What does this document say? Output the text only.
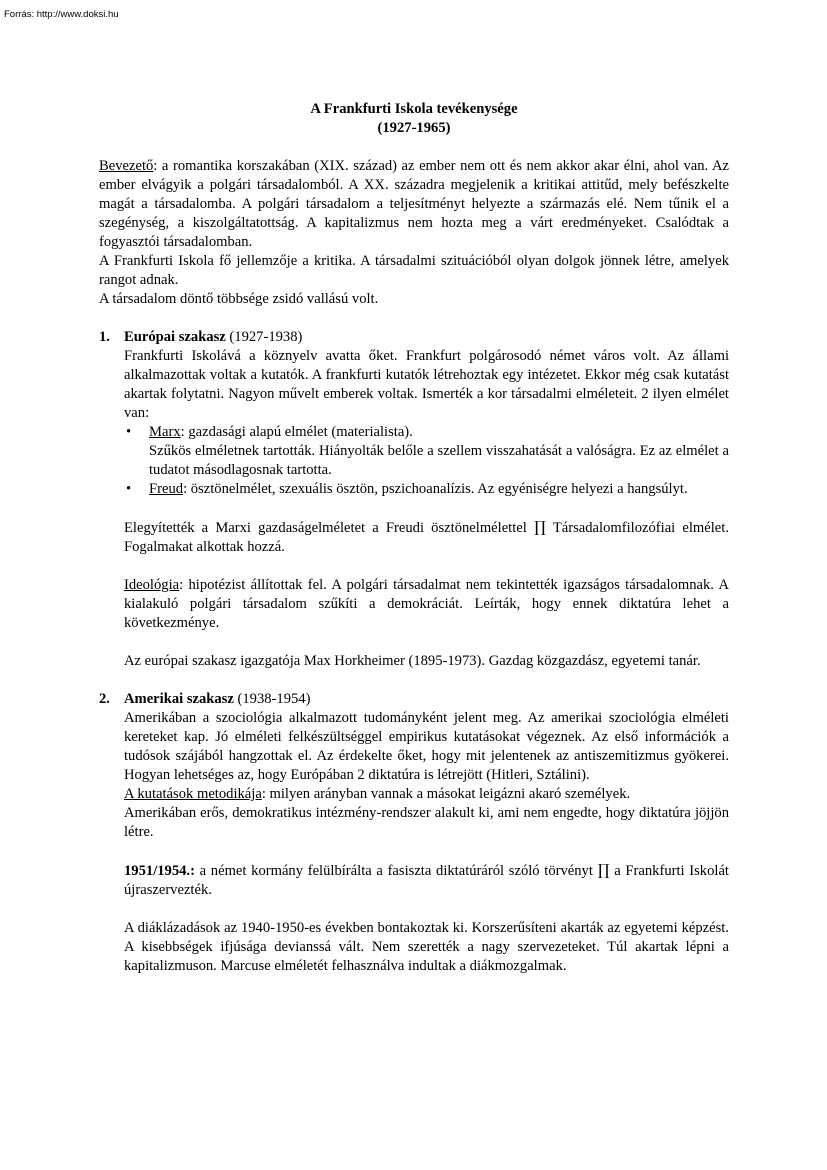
Forrás: http://www.doksi.hu
A Frankfurti Iskola tevékenysége
(1927-1965)

Bevezető: a romantika korszakában (XIX. század) az ember nem ott és nem akkor akar élni, ahol van. Az ember elvágyik a polgári társadalomból. A XX. századra megjelenik a kritikai attitűd, mely befészkelte magát a társadalomba. A polgári társadalom a teljesítményt helyezte a származás elé. Nem tűnik el a szegénység, a kiszolgáltatottság. A kapitalizmus nem hozta meg a várt eredményeket. Csalódtak a fogyasztói társadalomban.

A Frankfurti Iskola fő jellemzője a kritika. A társadalmi szituációból olyan dolgok jönnek létre, amelyek rangot adnak.

A társadalom döntő többsége zsidó vallású volt.

1. Európai szakasz (1927-1938)

Frankfurti Iskolává a köznyelv avatta őket. Frankfurt polgárosodó német város volt. Az állami alkalmazottak voltak a kutatók. A frankfurti kutatók létrehoztak egy intézetet. Ekkor még csak kutatást akartak folytatni. Nagyon művelt emberek voltak. Ismerték a kor társadalmi elméleteit. 2 ilyen elmélet van:

•	Marx: gazdasági alapú elmélet (materialista).

Szűkös elméletnek tartották. Hiányolták belőle a szellem visszahatását a valóságra. Ez az elmélet a tudatot másodlagosnak tartotta.

•	Freud: ösztönelmélet, szexuális ösztön, pszichoanalízis. Az egyéniségre helyezi a hangsúlyt.

Elegyítették a Marxi gazdaságelméletet a Freudi ösztönelmélettel ∏ Társadalomfilozófiai elmélet. Fogalmakat alkottak hozzá.

Ideológia: hipotézist állítottak fel. A polgári társadalmat nem tekintették igazságos társadalomnak. A kialakuló polgári társadalom szűkíti a demokráciát. Leírták, hogy ennek diktatúra lehet a következménye.

Az európai szakasz igazgatója Max Horkheimer (1895-1973). Gazdag közgazdász, egyetemi tanár.

2. Amerikai szakasz (1938-1954)

Amerikában a szociológia alkalmazott tudományként jelent meg. Az amerikai szociológia elméleti kereteket kap. Jó elméleti felkészültséggel empirikus kutatásokat végeznek. Az első információk a tudósok szájából hangzottak el. Az érdekelte őket, hogy mit jelentenek az antiszemitizmus gyökerei. Hogyan lehetséges az, hogy Európában 2 diktatúra is létrejött (Hitleri, Sztálini).

A kutatások metodikája: milyen arányban vannak a másokat leigázni akaró személyek.

Amerikában erős, demokratikus intézmény-rendszer alakult ki, ami nem engedte, hogy diktatúra jöjjön létre.

1951/1954.: a német kormány felülbírálta a fasiszta diktatúráról szóló törvényt ∏ a Frankfurti Iskolát újraszervezték.

A diáklázadások az 1940-1950-es években bontakoztak ki. Korszerűsíteni akarták az egyetemi képzést. A kisebbségek ifjúsága devianssá vált. Nem szerették a nagy szervezeteket. Túl akartak lépni a kapitalizmuson. Marcuse elméletét felhasználva indultak a diákmozgalmak.
